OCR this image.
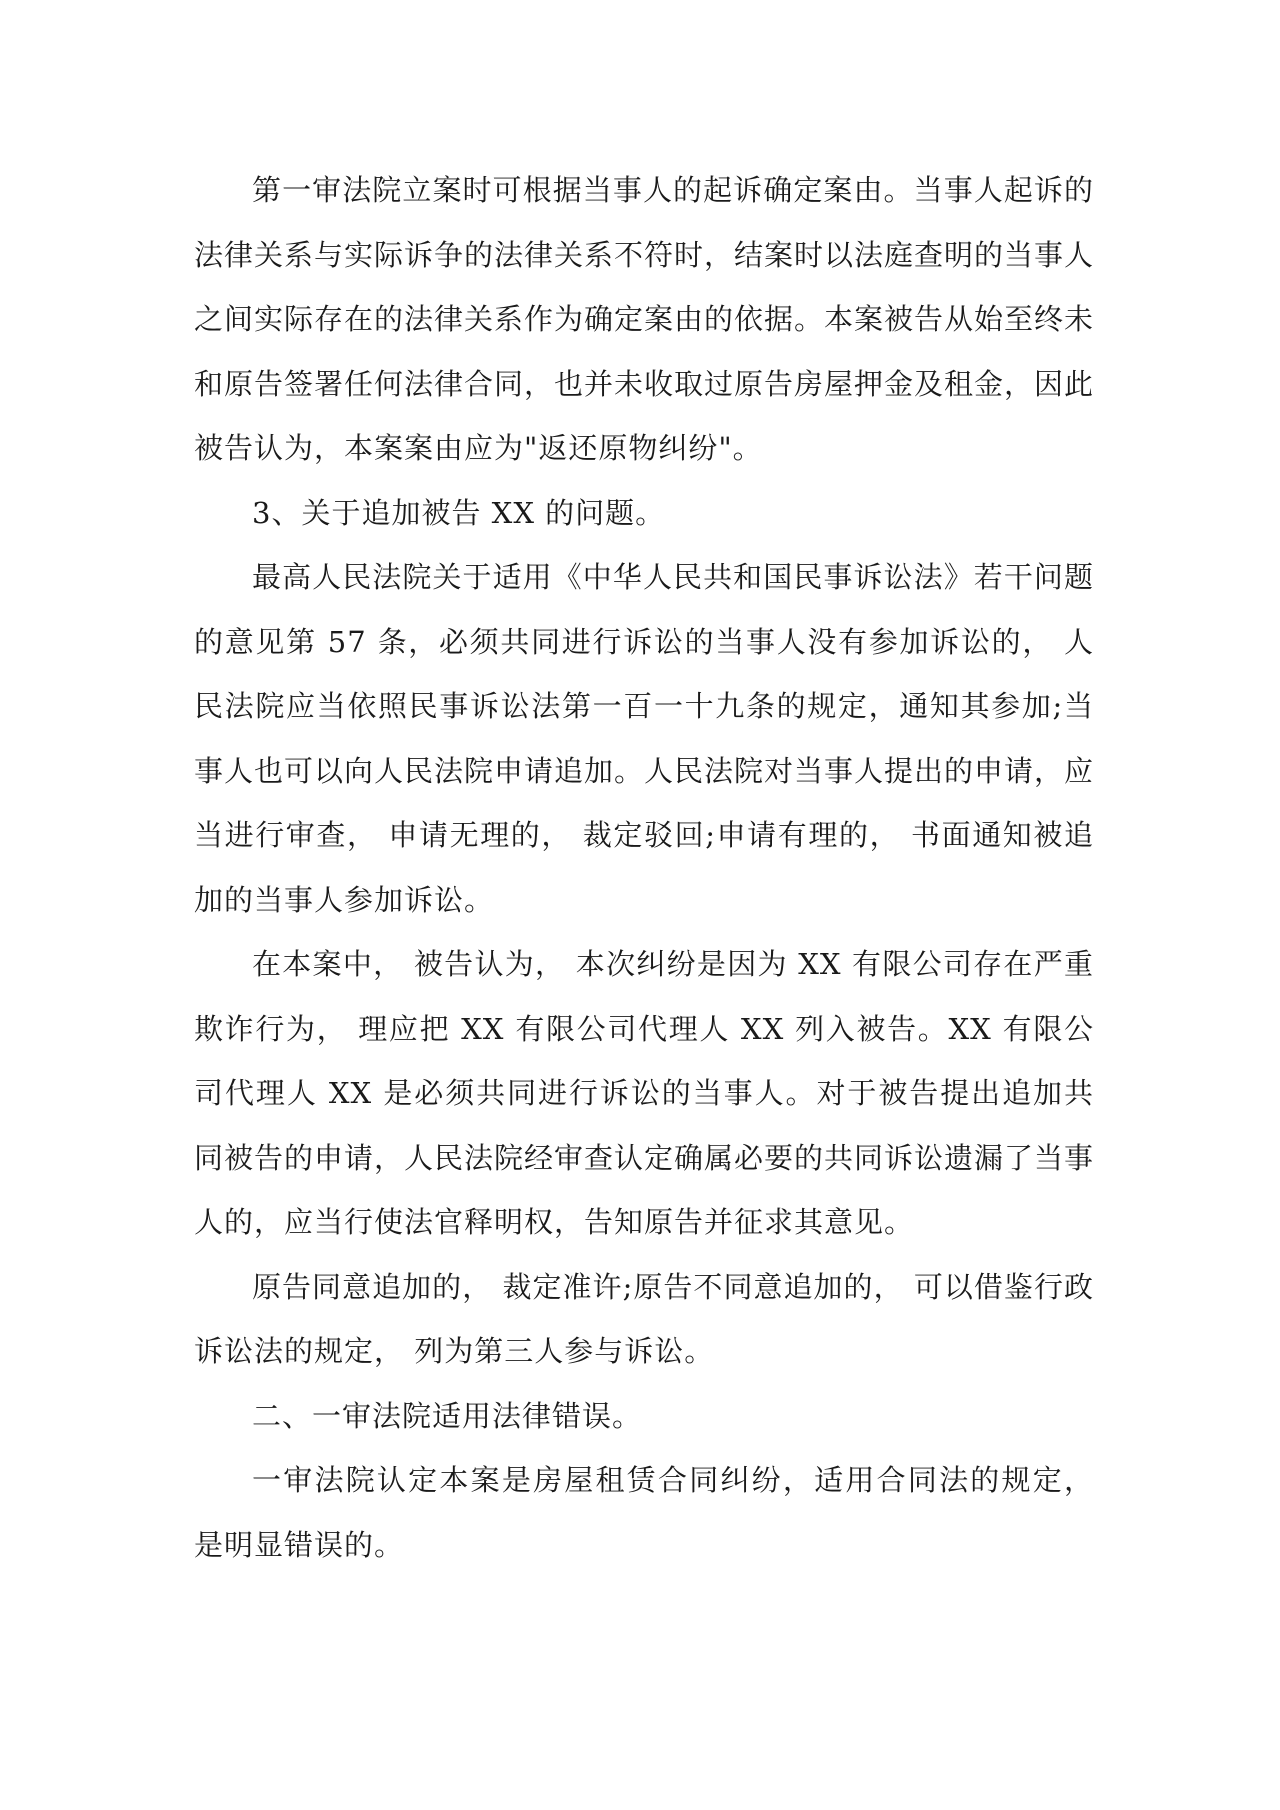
第一审法院立案时可根据当事人的起诉确定案由。当事人起诉的法律关系与实际诉争的法律关系不符时，结案时以法庭查明的当事人之间实际存在的法律关系作为确定案由的依据。本案被告从始至终未和原告签署任何法律合同，也并未收取过原告房屋押金及租金，因此被告认为，本案案由应为"返还原物纠纷"。

3、关于追加被告 XX 的问题。

最高人民法院关于适用《中华人民共和国民事诉讼法》若干问题的意见第 57 条，必须共同进行诉讼的当事人没有参加诉讼的， 人民法院应当依照民事诉讼法第一百一十九条的规定，通知其参加;当事人也可以向人民法院申请追加。人民法院对当事人提出的申请，应当进行审查， 申请无理的， 裁定驳回;申请有理的， 书面通知被追加的当事人参加诉讼。

在本案中， 被告认为， 本次纠纷是因为 XX 有限公司存在严重欺诈行为， 理应把 XX 有限公司代理人 XX 列入被告。XX 有限公司代理人 XX 是必须共同进行诉讼的当事人。对于被告提出追加共同被告的申请，人民法院经审查认定确属必要的共同诉讼遗漏了当事人的，应当行使法官释明权，告知原告并征求其意见。

原告同意追加的， 裁定准许;原告不同意追加的， 可以借鉴行政诉讼法的规定， 列为第三人参与诉讼。

二、一审法院适用法律错误。

一审法院认定本案是房屋租赁合同纠纷，适用合同法的规定， 是明显错误的。
